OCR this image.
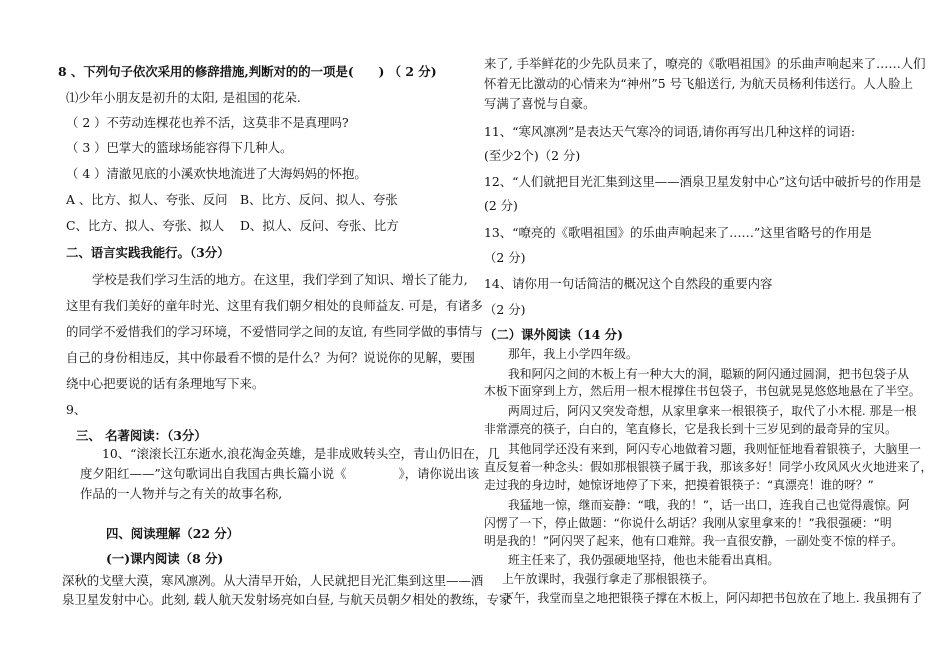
8 、下列句子依次采用的修辞措施,判断对的的一项是(　　) （ 2 分)
⑴少年小朋友是初升的太阳, 是祖国的花朵.
（ 2 ）不劳动连棵花也养不活，这莫非不是真理吗?
（ 3 ）巴掌大的篮球场能容得下几种人。
（ 4 ）清澈见底的小溪欢快地流进了大海妈妈的怀抱。
A 、比方、拟人、夸张、反问 B、比方、反问、拟人、夸张
C、比方、拟人、夸张、拟人 D、拟人、反问、夸张、比方
二、语言实践我能行。（3分）
学校是我们学习生活的地方。在这里，我们学到了知识、增长了能力,
这里有我们美好的童年时光、这里有我们朝夕相处的良师益友. 可是，有诸多
的同学不爱惜我们的学习环境，不爱惜同学之间的友谊, 有些同学做的事情与
自己的身份相违反，其中你最看不惯的是什么？为何？说说你的见解，要围
绕中心把要说的话有条理地写下来。
9、
三、 名著阅读：（3分）
10、“滚滚长江东逝水,浪花淘金英雄，是非成败转头空，青山仍旧在，几
度夕阳红——”这句歌词出自我国古典长篇小说《	》，请你说出该
作品的一人物并与之有关的故事名称,
四、阅读理解（22 分）
(一)课内阅读（8 分)
深秋的戈壁大漠，寒风凛冽。从大清早开始，人民就把目光汇集到这里——酒
泉卫星发射中心。此刻, 载人航天发射场亮如白昼, 与航天员朝夕相处的教练，专家
来了, 手举鲜花的少先队员来了，嘹亮的《歌唱祖国》的乐曲声响起来了……人们
怀着无比激动的心情来为“神州”5 号飞船送行, 为航天员杨利伟送行。人人脸上
写满了喜悦与自豪。
11、“寒风凛冽”是表达天气寒冷的词语,请你再写出几种这样的词语:
(至少2个)（2 分)
12、“人们就把目光汇集到这里——酒泉卫星发射中心”这句话中破折号的作用是
(2 分)
13、“嘹亮的《歌唱祖国》的乐曲声响起来了……”这里省略号的作用是
（2 分)
14、请你用一句话简洁的概况这个自然段的重要内容
（2 分)
（二）课外阅读（14 分)
那年，我上小学四年级。
我和阿闪之间的木板上有一种大大的洞，聪颖的阿闪通过圆洞，把书包袋子从
木板下面穿到上方，然后用一根木棍撑住书包袋子，书包就晃晃悠悠地悬在了半空。
两周过后，阿闪又突发奇想，从家里拿来一根银筷子，取代了小木棍. 那是一根
非常漂亮的筷子，白白的，笔直修长，它是我长到十三岁见到的最奇异的宝贝。
其他同学还没有来到，阿闪专心地做着习题，我则怔怔地看着银筷子，大脑里一
直反复着一种念头：假如那根银筷子属于我，那该多好！同学小玫风风火火地进来了，
走过我的身边时，她惊讶地停了下来，把摸着银筷子：“真漂亮！谁的呀？”
我猛地一惊，继而妄静：“哦，我的！”，话一出口，连我自己也觉得震惊。阿
闪愣了一下，停止做题：“你说什么胡话？我刚从家里拿来的！”我很强硬：“明
明是我的！”阿闪哭了起来，他有口难辩。我一直很安静，一副处变不惊的样子。
班主任来了，我仍强硬地坚持，他也未能看出真相。
上午放课时，我强行拿走了那根银筷子。
下午，我堂而皇之地把银筷子撑在木板上，阿闪却把书包放在了地上. 我虽拥有了
